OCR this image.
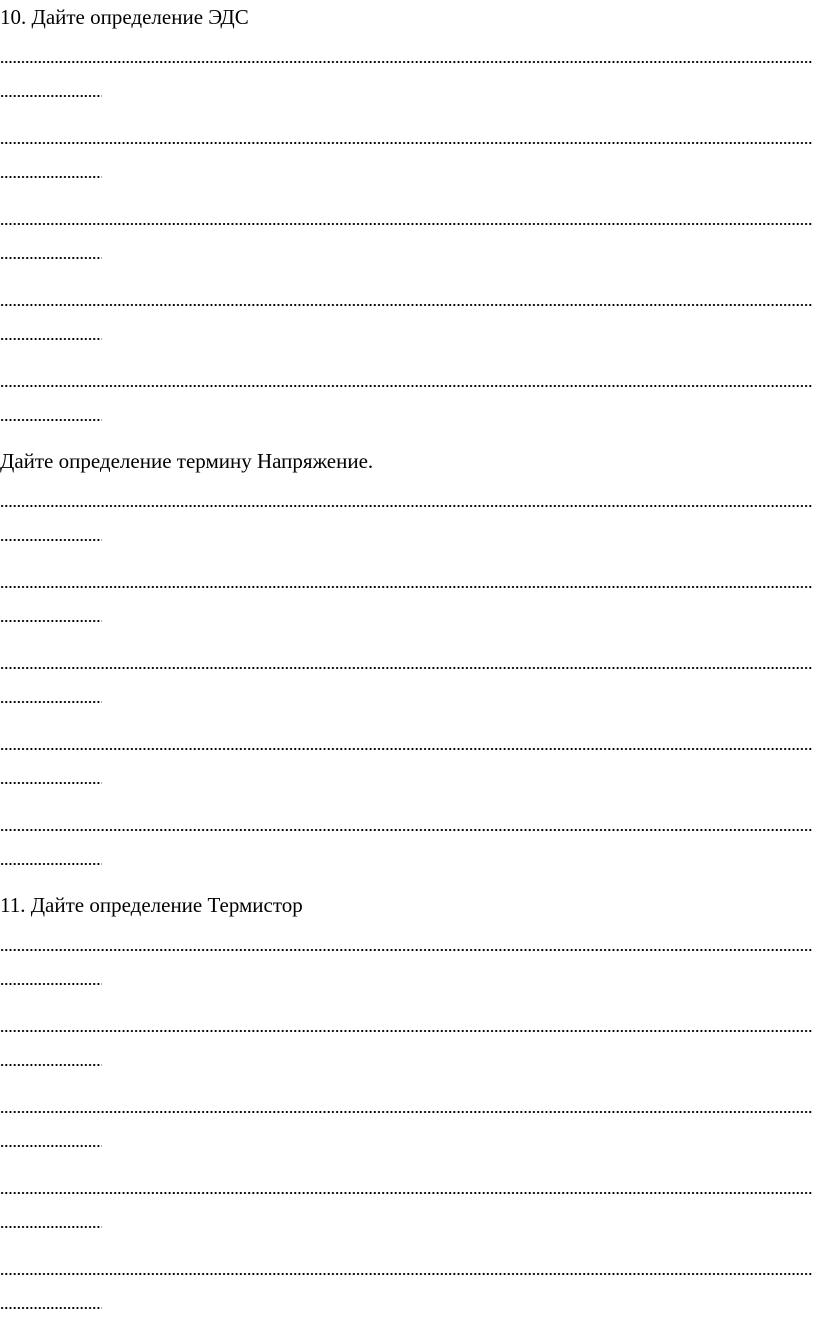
10. Дайте определение ЭДС

Дайте определение термину Напряжение.

11. Дайте определение Термистор
